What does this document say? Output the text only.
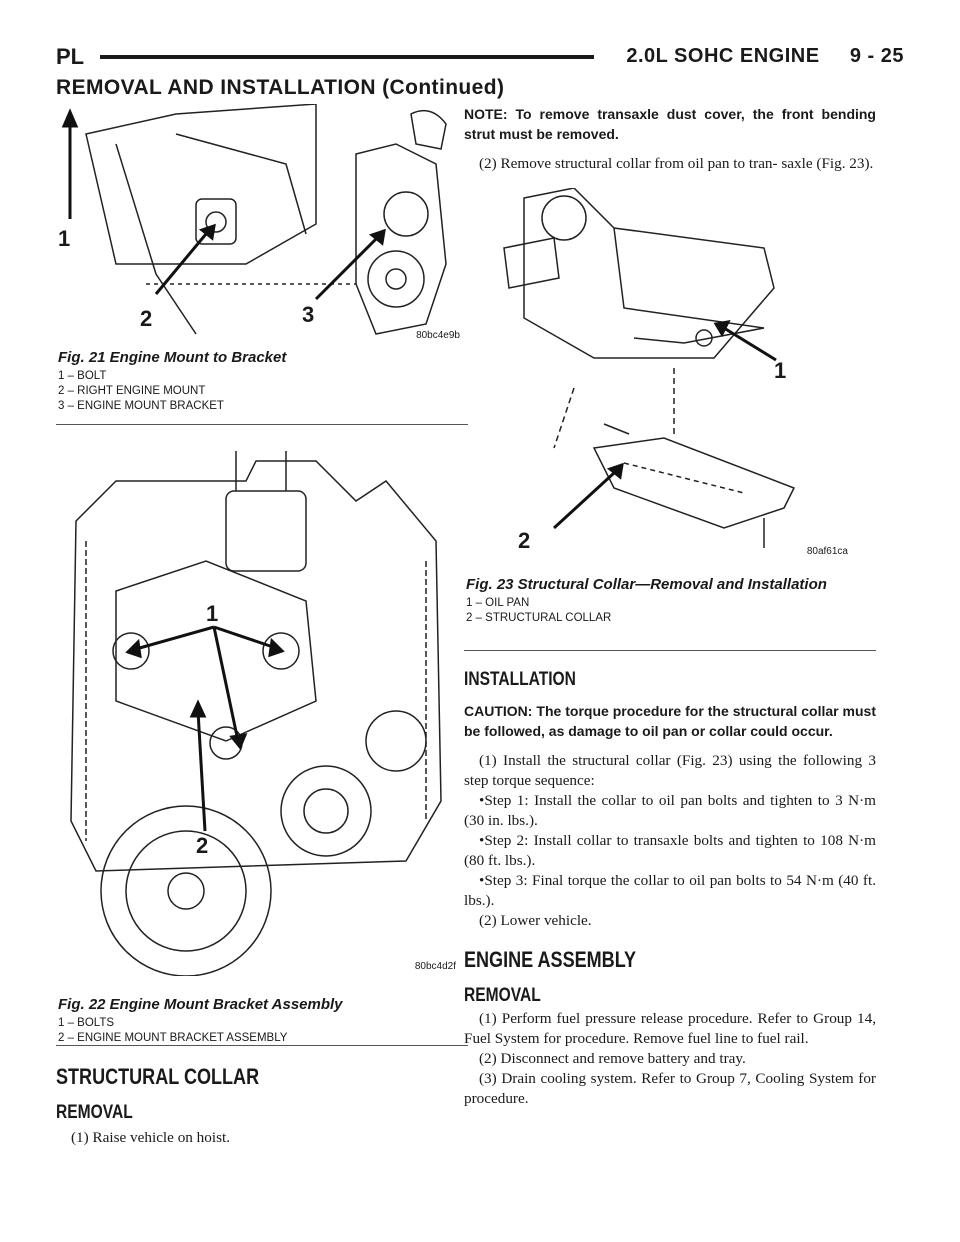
PL	2.0L SOHC ENGINE     9 - 25
REMOVAL AND INSTALLATION (Continued)
1
2	3
80bc4e9b
Fig. 21 Engine Mount to Bracket
1 – BOLT
2 – RIGHT ENGINE MOUNT
3 – ENGINE MOUNT BRACKET
1
2
80bc4d2f
Fig. 22 Engine Mount Bracket Assembly
1 – BOLTS
2 – ENGINE MOUNT BRACKET ASSEMBLY
STRUCTURAL COLLAR
REMOVAL

(1) Raise vehicle on hoist.

NOTE: To remove transaxle dust cover, the front bending strut must be removed.

(2) Remove structural collar from oil pan to tran- saxle (Fig. 23).

1
2	80af61ca
Fig. 23 Structural Collar—Removal and Installation
1 – OIL PAN
2 – STRUCTURAL COLLAR
INSTALLATION
CAUTION: The torque procedure for the structural collar must be followed, as damage to oil pan or collar could occur.

(1) Install the structural collar (Fig. 23) using the following 3 step torque sequence:

•Step 1: Install the collar to oil pan bolts and tighten to 3 N·m (30 in. lbs.).

•Step 2: Install collar to transaxle bolts and tighten to 108 N·m (80 ft. lbs.).

•Step 3: Final torque the collar to oil pan bolts to 54 N·m (40 ft. lbs.).

(2) Lower vehicle.

ENGINE ASSEMBLY
REMOVAL

(1) Perform fuel pressure release procedure. Refer to Group 14, Fuel System for procedure. Remove fuel line to fuel rail.

(2) Disconnect and remove battery and tray.

(3) Drain cooling system. Refer to Group 7, Cooling System for procedure.
